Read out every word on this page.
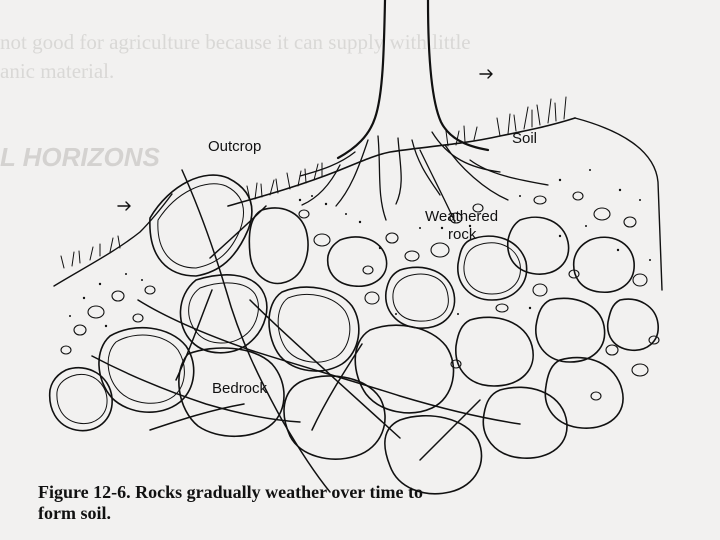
not good for agriculture because it can supply with little
anic material.
L HORIZONS	Outcrop	Soil
Weathered
rock
Bedrock
Figure 12-6. Rocks gradually weather over time to
form soil.
